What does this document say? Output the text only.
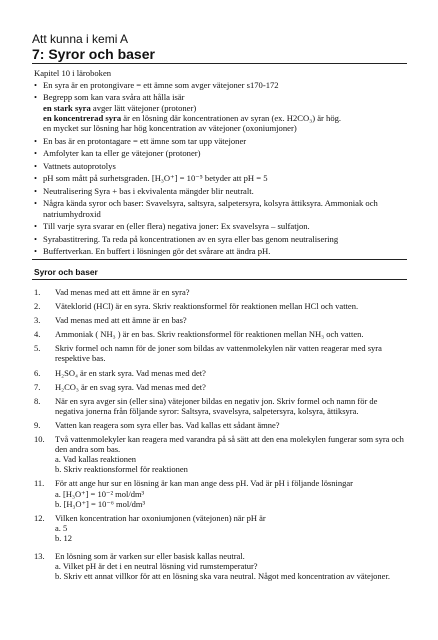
Att kunna i kemi A
7: Syror och baser
Kapitel 10 i läroboken
• En syra är en protongivare = ett ämne som avger vätejoner s170-172
• Begrepp som kan vara svåra att hålla isär
en stark syra avger lätt vätejoner (protoner)
en koncentrerad syra är en lösning där koncentrationen av syran (ex. H2CO₃) är hög.
en mycket sur lösning har hög koncentration av vätejoner (oxoniumjoner)
• En bas är en protontagare = ett ämne som tar upp vätejoner
• Amfolyter kan ta eller ge vätejoner (protoner)
• Vattnets autoprotolys
• pH som mått på surhetsgraden. [H₃O⁺] = 10⁻⁵ betyder att pH = 5
• Neutralisering Syra + bas i ekvivalenta mängder blir neutralt.
• Några kända syror och baser: Svavelsyra, saltsyra, salpetersyra, kolsyra ättiksyra. Ammoniak och natriumhydroxid
• Till varje syra svarar en (eller flera) negativa joner: Ex svavelsyra – sulfatjon.
• Syrabastitrering. Ta reda på koncentrationen av en syra eller bas genom neutralisering
• Buffertverkan. En buffert i lösningen gör det svårare att ändra pH.
Syror och baser
1. Vad menas med att ett ämne är en syra?
2. Väteklorid (HCl) är en syra. Skriv reaktionsformel för reaktionen mellan HCl och vatten.
3. Vad menas med att ett ämne är en bas?
4. Ammoniak ( NH₃ ) är en bas. Skriv reaktionsformel för reaktionen mellan NH₃ och vatten.
5. Skriv formel och namn för de joner som bildas av vattenmolekylen när vatten reagerar med syra respektive bas.
6. H₂SO₄ är en stark syra. Vad menas med det?
7. H₂CO₃ är en svag syra. Vad menas med det?
8. När en syra avger sin (eller sina) vätejoner bildas en negativ jon. Skriv formel och namn för de negativa jonerna från följande syror: Saltsyra, svavelsyra, salpetersyra, kolsyra, ättiksyra.
9. Vatten kan reagera som syra eller bas. Vad kallas ett sådant ämne?
10. Två vattenmolekyler kan reagera med varandra på så sätt att den ena molekylen fungerar som syra och den andra som bas.
a. Vad kallas reaktionen
b. Skriv reaktionsformel för reaktionen
11. För att ange hur sur en lösning är kan man ange dess pH. Vad är pH i följande lösningar
a. [H₃O⁺] = 10⁻² mol/dm³
b. [H₃O⁺] = 10⁻⁶ mol/dm³
12. Vilken koncentration har oxoniumjonen (vätejonen) när pH är
a. 5
b. 12
13. En lösning som är varken sur eller basisk kallas neutral.
a. Vilket pH är det i en neutral lösning vid rumstemperatur?
b. Skriv ett annat villkor för att en lösning ska vara neutral. Något med koncentration av vätejoner.
